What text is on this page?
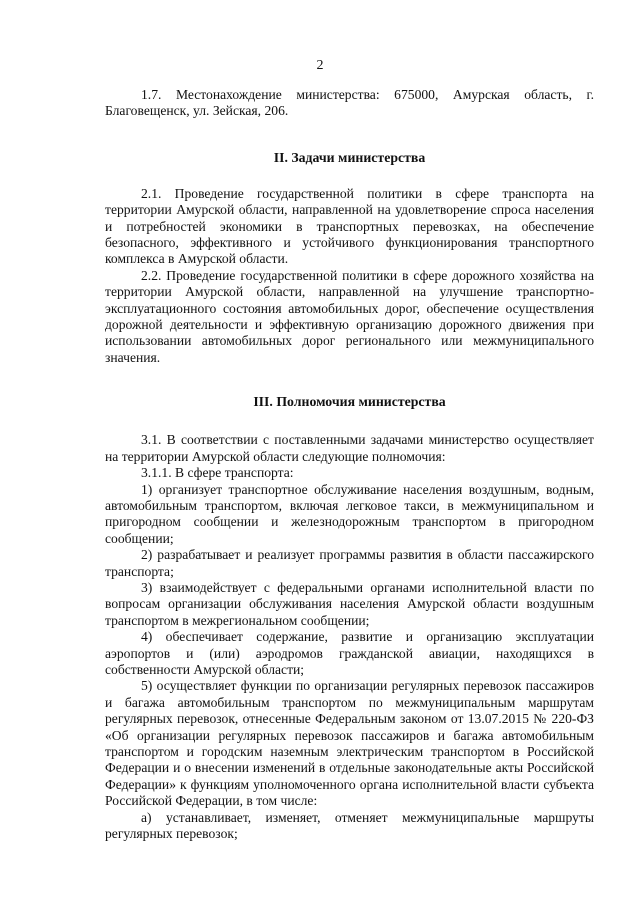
2

1.7. Местонахождение министерства: 675000, Амурская область, г. Благовещенск, ул. Зейская, 206.

II. Задачи министерства

2.1. Проведение государственной политики в сфере транспорта на территории Амурской области, направленной на удовлетворение спроса населения и потребностей экономики в транспортных перевозках, на обеспечение безопасного, эффективного и устойчивого функционирования транспортного комплекса в Амурской области.

2.2. Проведение государственной политики в сфере дорожного хозяйства на территории Амурской области, направленной на улучшение транспортно-эксплуатационного состояния автомобильных дорог, обеспечение осуществления дорожной деятельности и эффективную организацию дорожного движения при использовании автомобильных дорог регионального или межмуниципального значения.

III. Полномочия министерства

3.1. В соответствии с поставленными задачами министерство осуществляет на территории Амурской области следующие полномочия:

3.1.1. В сфере транспорта:

1) организует транспортное обслуживание населения воздушным, водным, автомобильным транспортом, включая легковое такси, в межмуниципальном и пригородном сообщении и железнодорожным транспортом в пригородном сообщении;

2) разрабатывает и реализует программы развития в области пассажирского транспорта;

3) взаимодействует с федеральными органами исполнительной власти по вопросам организации обслуживания населения Амурской области воздушным транспортом в межрегиональном сообщении;

4) обеспечивает содержание, развитие и организацию эксплуатации аэропортов и (или) аэродромов гражданской авиации, находящихся в собственности Амурской области;

5) осуществляет функции по организации регулярных перевозок пассажиров и багажа автомобильным транспортом по межмуниципальным маршрутам регулярных перевозок, отнесенные Федеральным законом от 13.07.2015 № 220-ФЗ «Об организации регулярных перевозок пассажиров и багажа автомобильным транспортом и городским наземным электрическим транспортом в Российской Федерации и о внесении изменений в отдельные законодательные акты Российской Федерации» к функциям уполномоченного органа исполнительной власти субъекта Российской Федерации, в том числе:

а) устанавливает, изменяет, отменяет межмуниципальные маршруты регулярных перевозок;
